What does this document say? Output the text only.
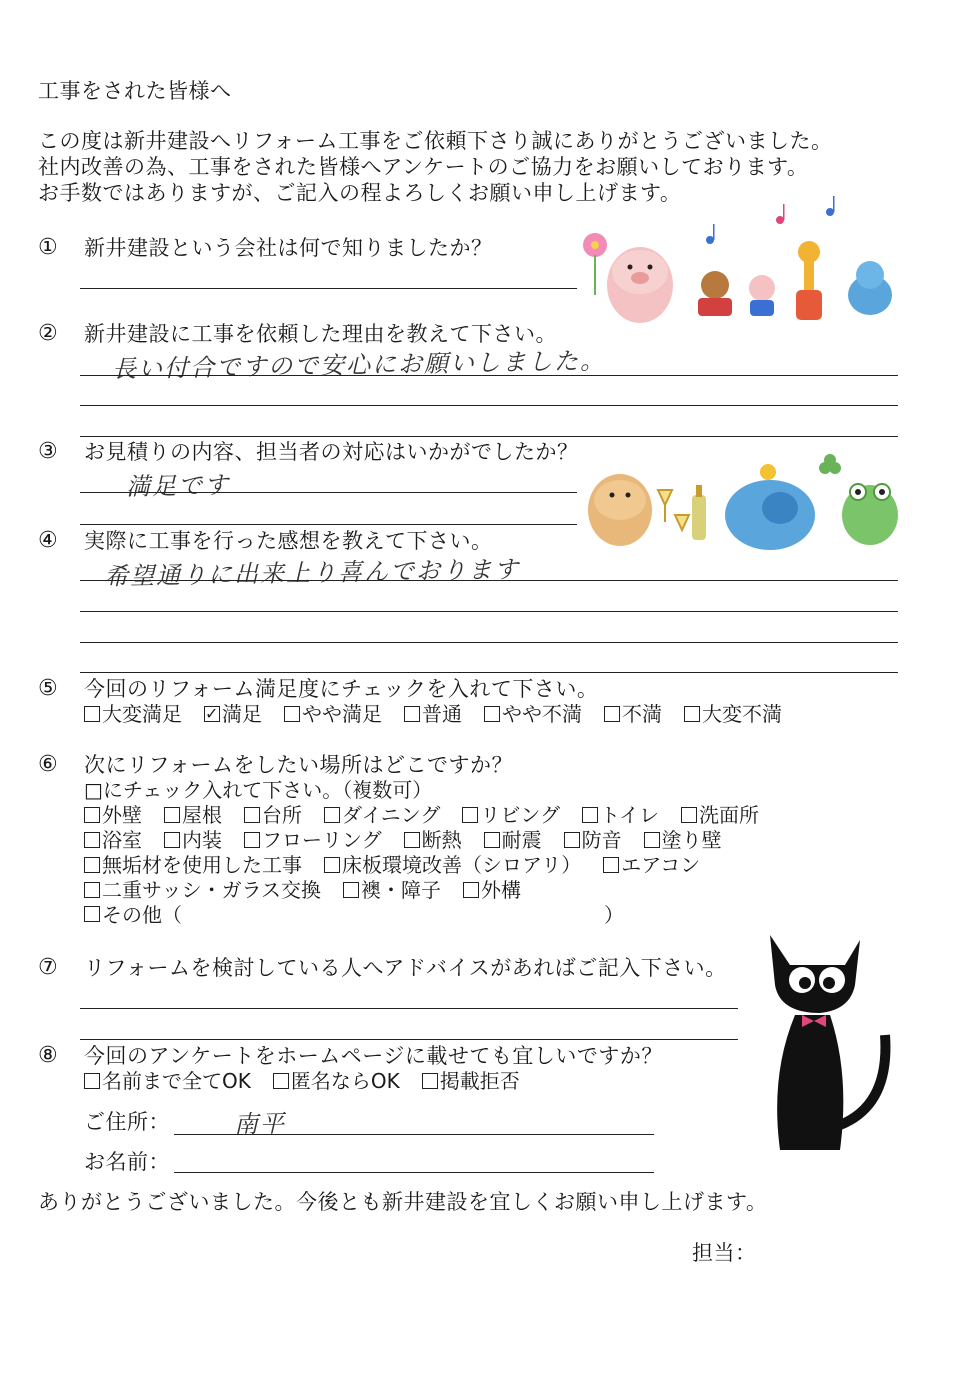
工事をされた皆様へ
この度は新井建設へリフォーム工事をご依頼下さり誠にありがとうございました。
社内改善の為、工事をされた皆様へアンケートのご協力をお願いしております。
お手数ではありますが、ご記入の程よろしくお願い申し上げます。
① 新井建設という会社は何で知りましたか？
② 新井建設に工事を依頼した理由を教えて下さい。
長い付合ですので安心にお願いしました。
③ お見積りの内容、担当者の対応はいかがでしたか？
満足です
④ 実際に工事を行った感想を教えて下さい。
希望通りに出来上り喜んでおります
⑤ 今回のリフォーム満足度にチェックを入れて下さい。
大変満足
✓ 満足 やや満足 普通 やや不満 不満 大変不満
⑥ 次にリフォームをしたい場所はどこですか？
□にチェック入れて下さい。（複数可）
外壁 屋根 台所 ダイニング リビング トイレ 洗面所
浴室 内装 フローリング 断熱 耐震 防音 塗り壁
無垢材を使用した工事 床板環境改善（シロアリ） エアコン
二重サッシ・ガラス交換 襖・障子 外構
その他（	）
⑦ リフォームを検討している人へアドバイスがあればご記入下さい。
⑧ 今回のアンケートをホームページに載せても宜しいですか？
名前まで全てOK 匿名ならOK 掲載拒否
ご住所：	南平
お名前：
ありがとうございました。今後とも新井建設を宜しくお願い申し上げます。
担当：
